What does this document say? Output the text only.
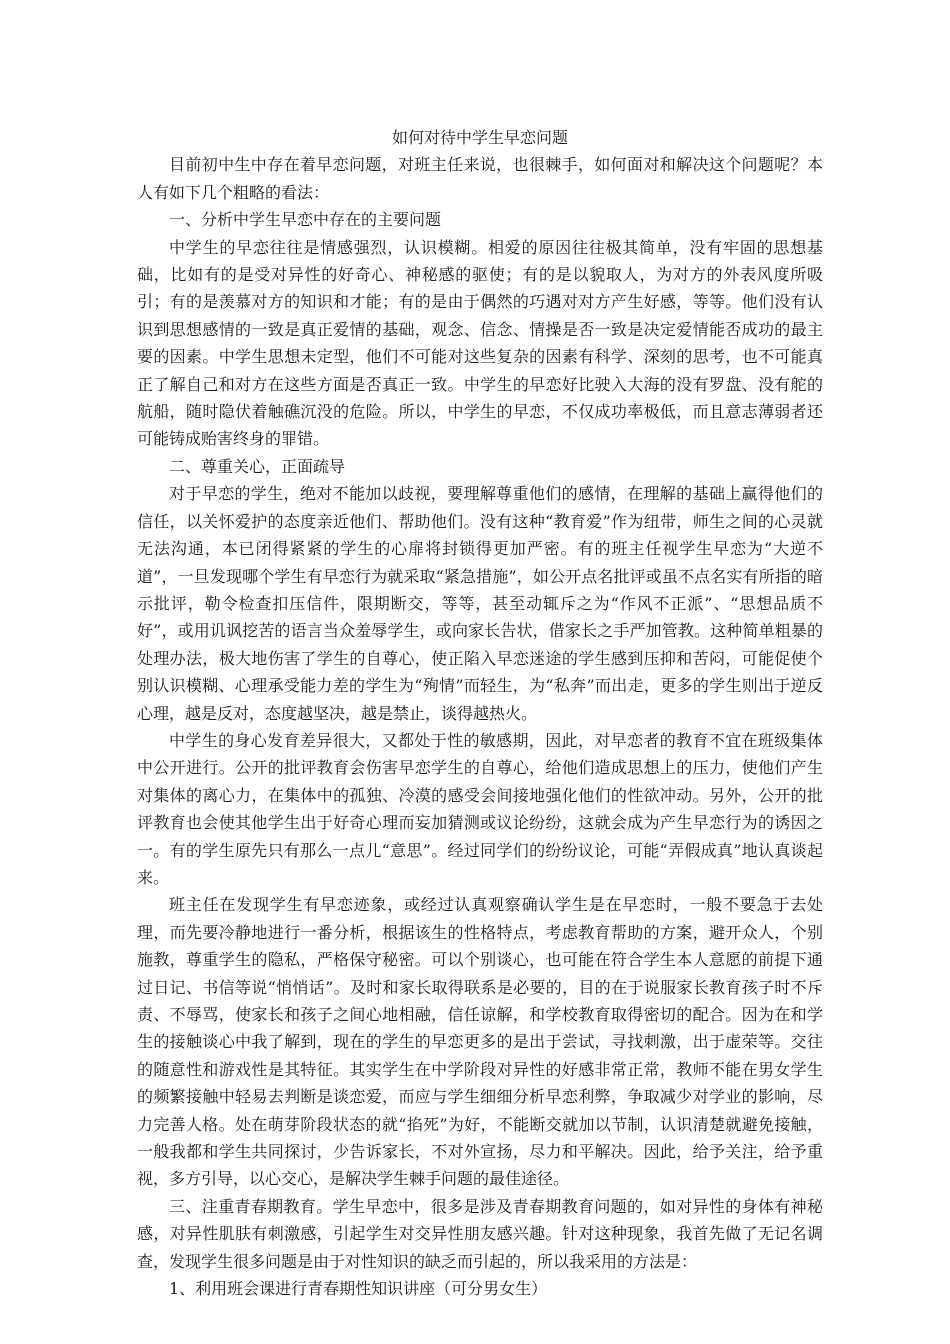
如何对待中学生早恋问题

目前初中生中存在着早恋问题，对班主任来说，也很棘手，如何面对和解决这个问题呢？本人有如下几个粗略的看法：

一、分析中学生早恋中存在的主要问题

中学生的早恋往往是情感强烈，认识模糊。相爱的原因往往极其简单，没有牢固的思想基础，比如有的是受对异性的好奇心、神秘感的驱使；有的是以貌取人，为对方的外表风度所吸引；有的是羡慕对方的知识和才能；有的是由于偶然的巧遇对对方产生好感，等等。他们没有认识到思想感情的一致是真正爱情的基础，观念、信念、情操是否一致是决定爱情能否成功的最主要的因素。中学生思想未定型，他们不可能对这些复杂的因素有科学、深刻的思考，也不可能真正了解自己和对方在这些方面是否真正一致。中学生的早恋好比驶入大海的没有罗盘、没有舵的航船，随时隐伏着触礁沉没的危险。所以，中学生的早恋，不仅成功率极低，而且意志薄弱者还可能铸成贻害终身的罪错。

二、尊重关心，正面疏导

对于早恋的学生，绝对不能加以歧视，要理解尊重他们的感情，在理解的基础上赢得他们的信任，以关怀爱护的态度亲近他们、帮助他们。没有这种“教育爱”作为纽带，师生之间的心灵就无法沟通，本已闭得紧紧的学生的心扉将封锁得更加严密。有的班主任视学生早恋为“大逆不道”，一旦发现哪个学生有早恋行为就采取“紧急措施”，如公开点名批评或虽不点名实有所指的暗示批评，勒令检查扣压信件，限期断交，等等，甚至动辄斥之为“作风不正派”、“思想品质不好”，或用讥讽挖苦的语言当众羞辱学生，或向家长告状，借家长之手严加管教。这种简单粗暴的处理办法，极大地伤害了学生的自尊心，使正陷入早恋迷途的学生感到压抑和苦闷，可能促使个别认识模糊、心理承受能力差的学生为“殉情”而轻生，为“私奔”而出走，更多的学生则出于逆反心理，越是反对，态度越坚决，越是禁止，谈得越热火。

中学生的身心发育差异很大，又都处于性的敏感期，因此，对早恋者的教育不宜在班级集体中公开进行。公开的批评教育会伤害早恋学生的自尊心，给他们造成思想上的压力，使他们产生对集体的离心力，在集体中的孤独、冷漠的感受会间接地强化他们的性欲冲动。另外，公开的批评教育也会使其他学生出于好奇心理而妄加猜测或议论纷纷，这就会成为产生早恋行为的诱因之一。有的学生原先只有那么一点儿“意思”。经过同学们的纷纷议论，可能“弄假成真”地认真谈起来。

班主任在发现学生有早恋迹象，或经过认真观察确认学生是在早恋时，一般不要急于去处理，而先要冷静地进行一番分析，根据该生的性格特点，考虑教育帮助的方案，避开众人，个别施教，尊重学生的隐私，严格保守秘密。可以个别谈心，也可能在符合学生本人意愿的前提下通过日记、书信等说“悄悄话”。及时和家长取得联系是必要的，目的在于说服家长教育孩子时不斥责、不辱骂，使家长和孩子之间心地相融，信任谅解，和学校教育取得密切的配合。因为在和学生的接触谈心中我了解到，现在的学生的早恋更多的是出于尝试，寻找刺激，出于虚荣等。交往的随意性和游戏性是其特征。其实学生在中学阶段对异性的好感非常正常，教师不能在男女学生的频繁接触中轻易去判断是谈恋爱，而应与学生细细分析早恋利弊，争取减少对学业的影响，尽力完善人格。处在萌芽阶段状态的就“掐死”为好，不能断交就加以节制，认识清楚就避免接触，一般我都和学生共同探讨，少告诉家长，不对外宣扬，尽力和平解决。因此，给予关注，给予重视，多方引导，以心交心，是解决学生棘手问题的最佳途径。

三、注重青春期教育。学生早恋中，很多是涉及青春期教育问题的，如对异性的身体有神秘感，对异性肌肤有刺激感，引起学生对交异性朋友感兴趣。针对这种现象，我首先做了无记名调查，发现学生很多问题是由于对性知识的缺乏而引起的，所以我采用的方法是：

1、利用班会课进行青春期性知识讲座（可分男女生）
